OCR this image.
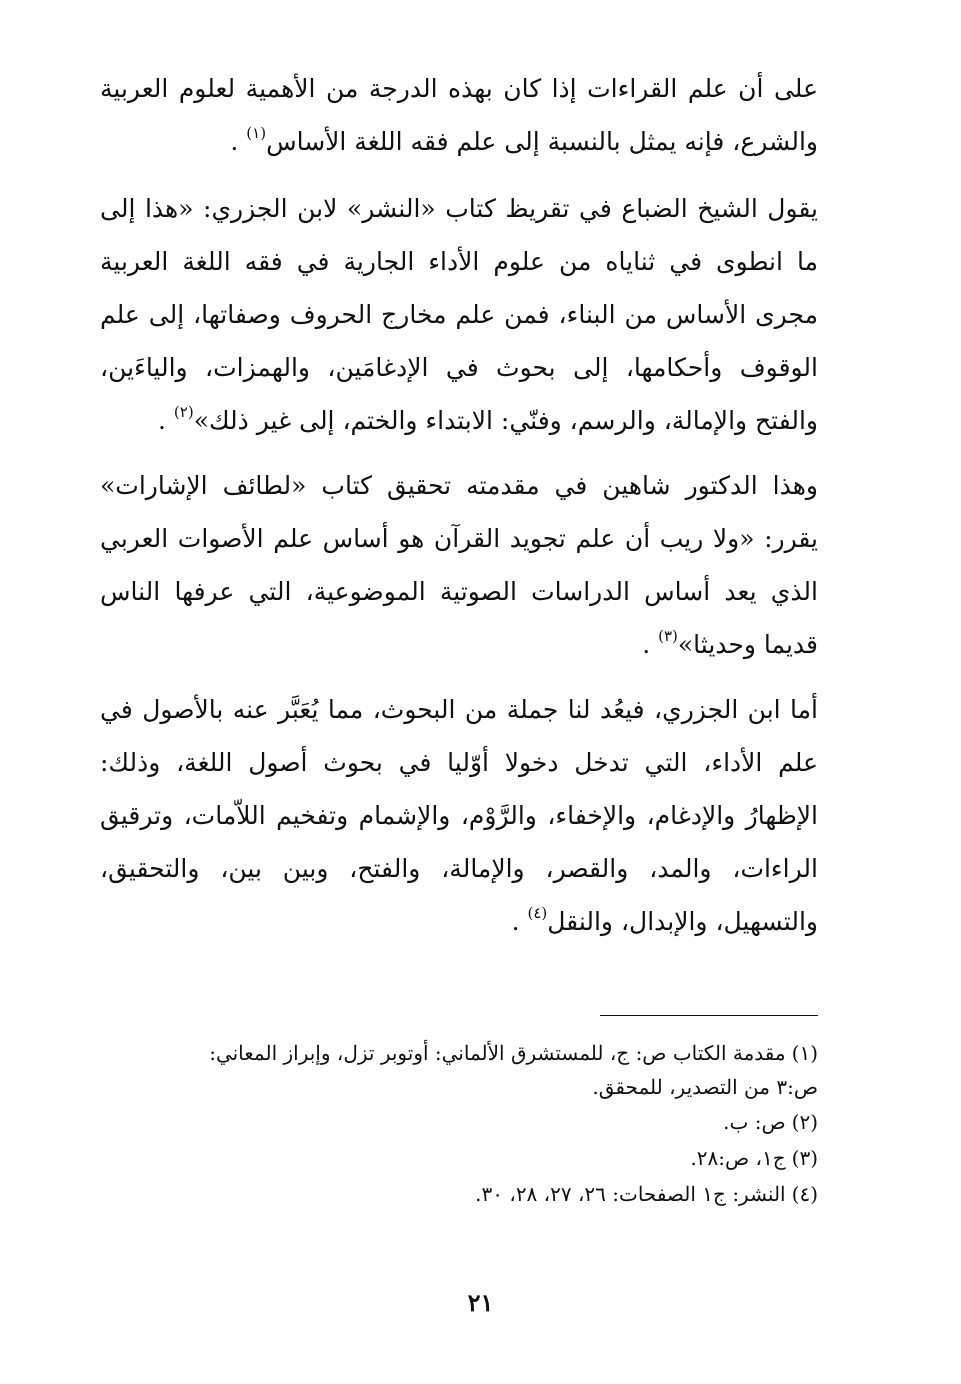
على أن علم القراءات إذا كان بهذه الدرجة من الأهمية لعلوم العربية والشرع، فإنه يمثل بالنسبة إلى علم فقه اللغة الأساس$^{(١)}$ .

يقول الشيخ الضباع في تقريظ كتاب «النشر» لابن الجزري: «هذا إلى ما انطوى في ثناياه من علوم الأداء الجارية في فقه اللغة العربية مجرى الأساس من البناء، فمن علم مخارج الحروف وصفاتها، إلى علم الوقوف وأحكامها، إلى بحوث في الإدغامَين، والهمزات، والياءَين، والفتح والإمالة، والرسم، وفنّي: الابتداء والختم، إلى غير ذلك»$^{(٢)}$ .

وهذا الدكتور شاهين في مقدمته تحقيق كتاب «لطائف الإشارات» يقرر: «ولا ريب أن علم تجويد القرآن هو أساس علم الأصوات العربي الذي يعد أساس الدراسات الصوتية الموضوعية، التي عرفها الناس قديما وحديثا»$^{(٣)}$ .

أما ابن الجزري، فيعُد لنا جملة من البحوث، مما يُعَبَّر عنه بالأصول في علم الأداء، التي تدخل دخولا أوّليا في بحوث أصول اللغة، وذلك: الإظهارُ والإدغام، والإخفاء، والرَّوْم، والإشمام وتفخيم اللاّمات، وترقيق الراءات، والمد، والقصر، والإمالة، والفتح، وبين بين، والتحقيق، والتسهيل، والإبدال، والنقل$^{(٤)}$ .

(١)مقدمة الكتاب ص: ج، للمستشرق الألماني: أوتوبر تزل، وإبراز المعاني:
ص:٣ من التصدير، للمحقق.
(٢)ص: ب.
(٣)ج١، ص:٢٨.
(٤)النشر: ج١ الصفحات: ٢٦، ٢٧، ٢٨، ٣٠.
٢١
